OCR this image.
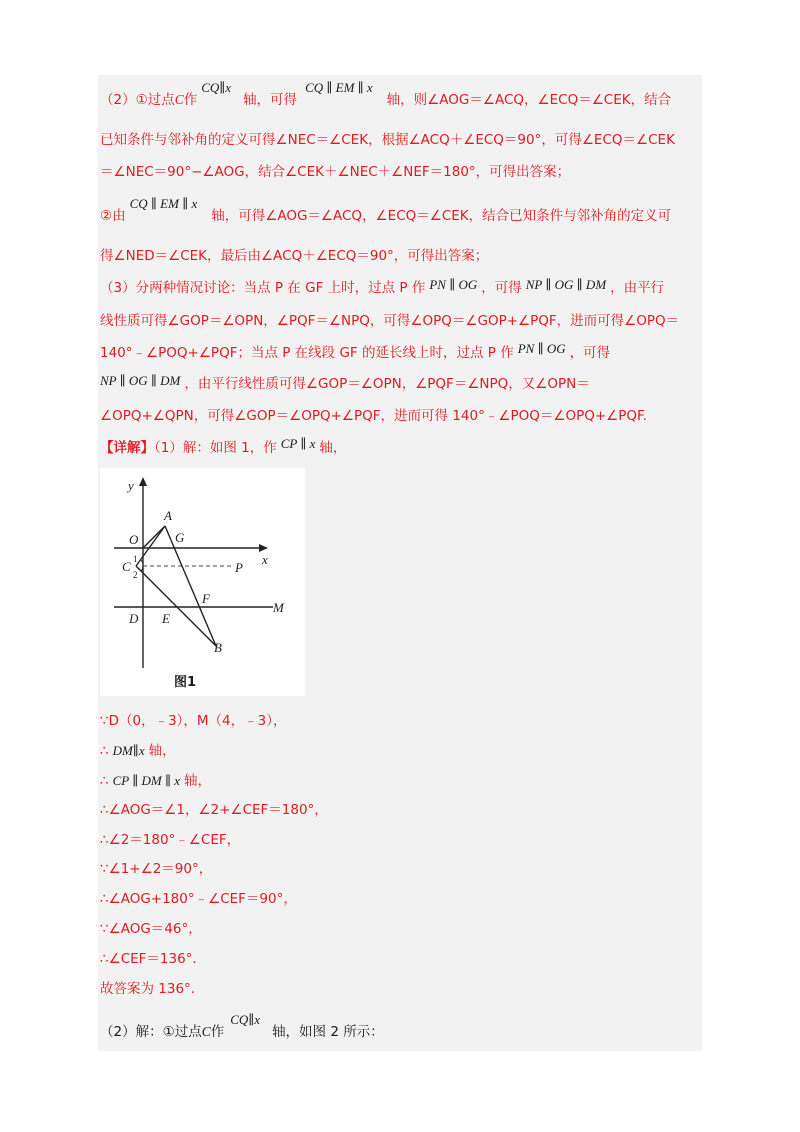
（2）①过点C作CQ∥x轴，可得CQ ∥ EM ∥ x轴，则∠AOG＝∠ACQ，∠ECQ＝∠CEK，结合
已知条件与邻补角的定义可得∠NEC＝∠CEK，根据∠ACQ＋∠ECQ＝90°，可得∠ECQ＝∠CEK
＝∠NEC＝90°−∠AOG，结合∠CEK＋∠NEC＋∠NEF＝180°，可得出答案；
②由CQ ∥ EM ∥ x轴，可得∠AOG＝∠ACQ，∠ECQ＝∠CEK，结合已知条件与邻补角的定义可
得∠NED＝∠CEK，最后由∠ACQ＋∠ECQ＝90°，可得出答案；
（3）分两种情况讨论：当点 P 在 GF 上时，过点 P 作 PN ∥ OG ，可得 NP ∥ OG ∥ DM ，由平行
线性质可得∠GOP＝∠OPN，∠PQF＝∠NPQ，可得∠OPQ＝∠GOP+∠PQF，进而可得∠OPQ＝
140°﹣∠POQ+∠PQF；当点 P 在线段 GF 的延长线上时，过点 P 作 PN ∥ OG ，可得
NP ∥ OG ∥ DM ，由平行线性质可得∠GOP＝∠OPN，∠PQF＝∠NPQ，又∠OPN＝
∠OPQ+∠QPN，可得∠GOP＝∠OPQ+∠PQF，进而可得 140°﹣∠POQ＝∠OPQ+∠PQF.
【详解】（1）解：如图 1，作 CP ∥ x 轴，
y
x
A
O	G
C	P
F
M
D E
B
1
2
图1
∵D（0，﹣3），M（4，﹣3），
∴ DM∥x 轴，
∴ CP ∥ DM ∥ x 轴，
∴∠AOG＝∠1，∠2+∠CEF＝180°，
∴∠2＝180°﹣∠CEF，
∵∠1+∠2＝90°，
∴∠AOG+180°﹣∠CEF＝90°，
∵∠AOG＝46°，
∴∠CEF＝136°.
故答案为 136°.
（2）解：①过点C作CQ∥x轴，如图 2 所示：
